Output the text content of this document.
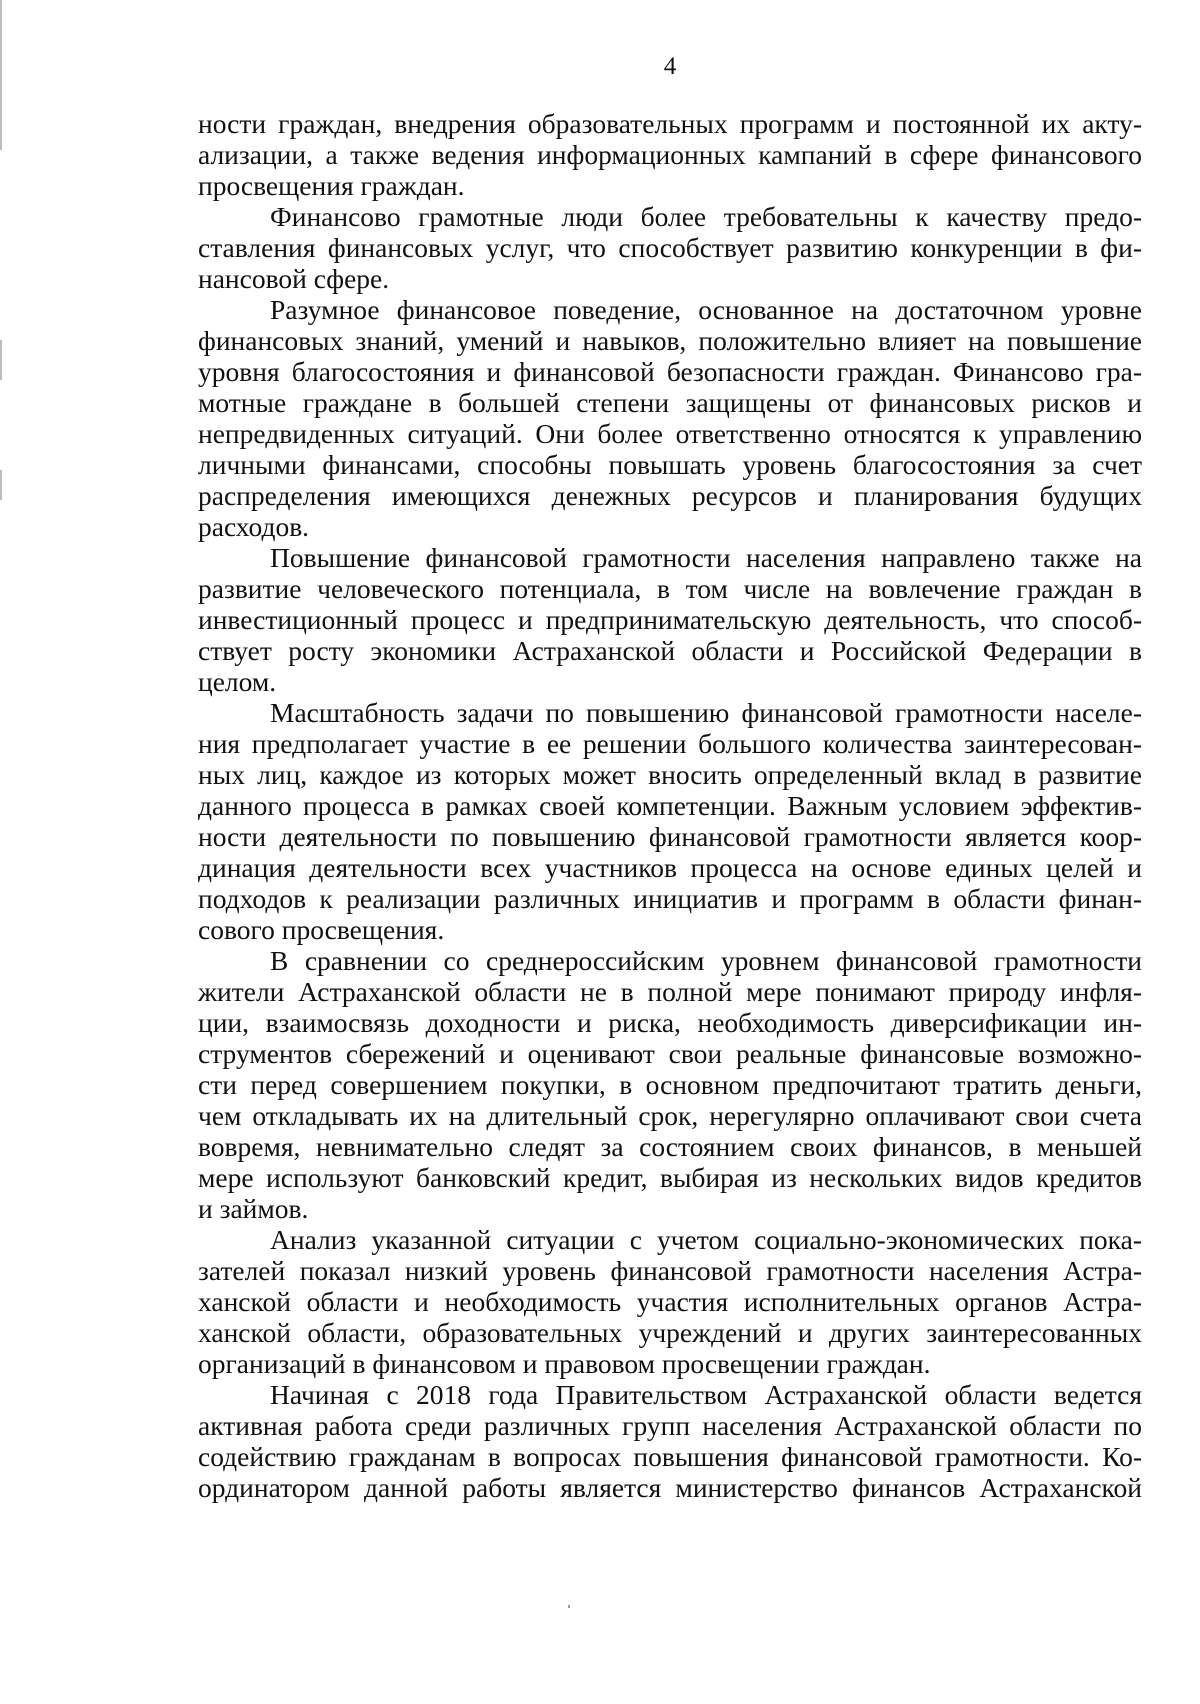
4
ности граждан, внедрения образовательных программ и постоянной их акту-
ализации, а также ведения информационных кампаний в сфере финансового
просвещения граждан.
Финансово грамотные люди более требовательны к качеству предо-
ставления финансовых услуг, что способствует развитию конкуренции в фи-
нансовой сфере.
Разумное финансовое поведение, основанное на достаточном уровне
финансовых знаний, умений и навыков, положительно влияет на повышение
уровня благосостояния и финансовой безопасности граждан. Финансово гра-
мотные граждане в большей степени защищены от финансовых рисков и
непредвиденных ситуаций. Они более ответственно относятся к управлению
личными финансами, способны повышать уровень благосостояния за счет
распределения имеющихся денежных ресурсов и планирования будущих
расходов.
Повышение финансовой грамотности населения направлено также на
развитие человеческого потенциала, в том числе на вовлечение граждан в
инвестиционный процесс и предпринимательскую деятельность, что способ-
ствует росту экономики Астраханской области и Российской Федерации в
целом.
Масштабность задачи по повышению финансовой грамотности населе-
ния предполагает участие в ее решении большого количества заинтересован-
ных лиц, каждое из которых может вносить определенный вклад в развитие
данного процесса в рамках своей компетенции. Важным условием эффектив-
ности деятельности по повышению финансовой грамотности является коор-
динация деятельности всех участников процесса на основе единых целей и
подходов к реализации различных инициатив и программ в области финан-
сового просвещения.
В сравнении со среднероссийским уровнем финансовой грамотности
жители Астраханской области не в полной мере понимают природу инфля-
ции, взаимосвязь доходности и риска, необходимость диверсификации ин-
струментов сбережений и оценивают свои реальные финансовые возможно-
сти перед совершением покупки, в основном предпочитают тратить деньги,
чем откладывать их на длительный срок, нерегулярно оплачивают свои счета
вовремя, невнимательно следят за состоянием своих финансов, в меньшей
мере используют банковский кредит, выбирая из нескольких видов кредитов
и займов.
Анализ указанной ситуации с учетом социально-экономических пока-
зателей показал низкий уровень финансовой грамотности населения Астра-
ханской области и необходимость участия исполнительных органов Астра-
ханской области, образовательных учреждений и других заинтересованных
организаций в финансовом и правовом просвещении граждан.
Начиная с 2018 года Правительством Астраханской области ведется
активная работа среди различных групп населения Астраханской области по
содействию гражданам в вопросах повышения финансовой грамотности. Ко-
ординатором данной работы является министерство финансов Астраханской
